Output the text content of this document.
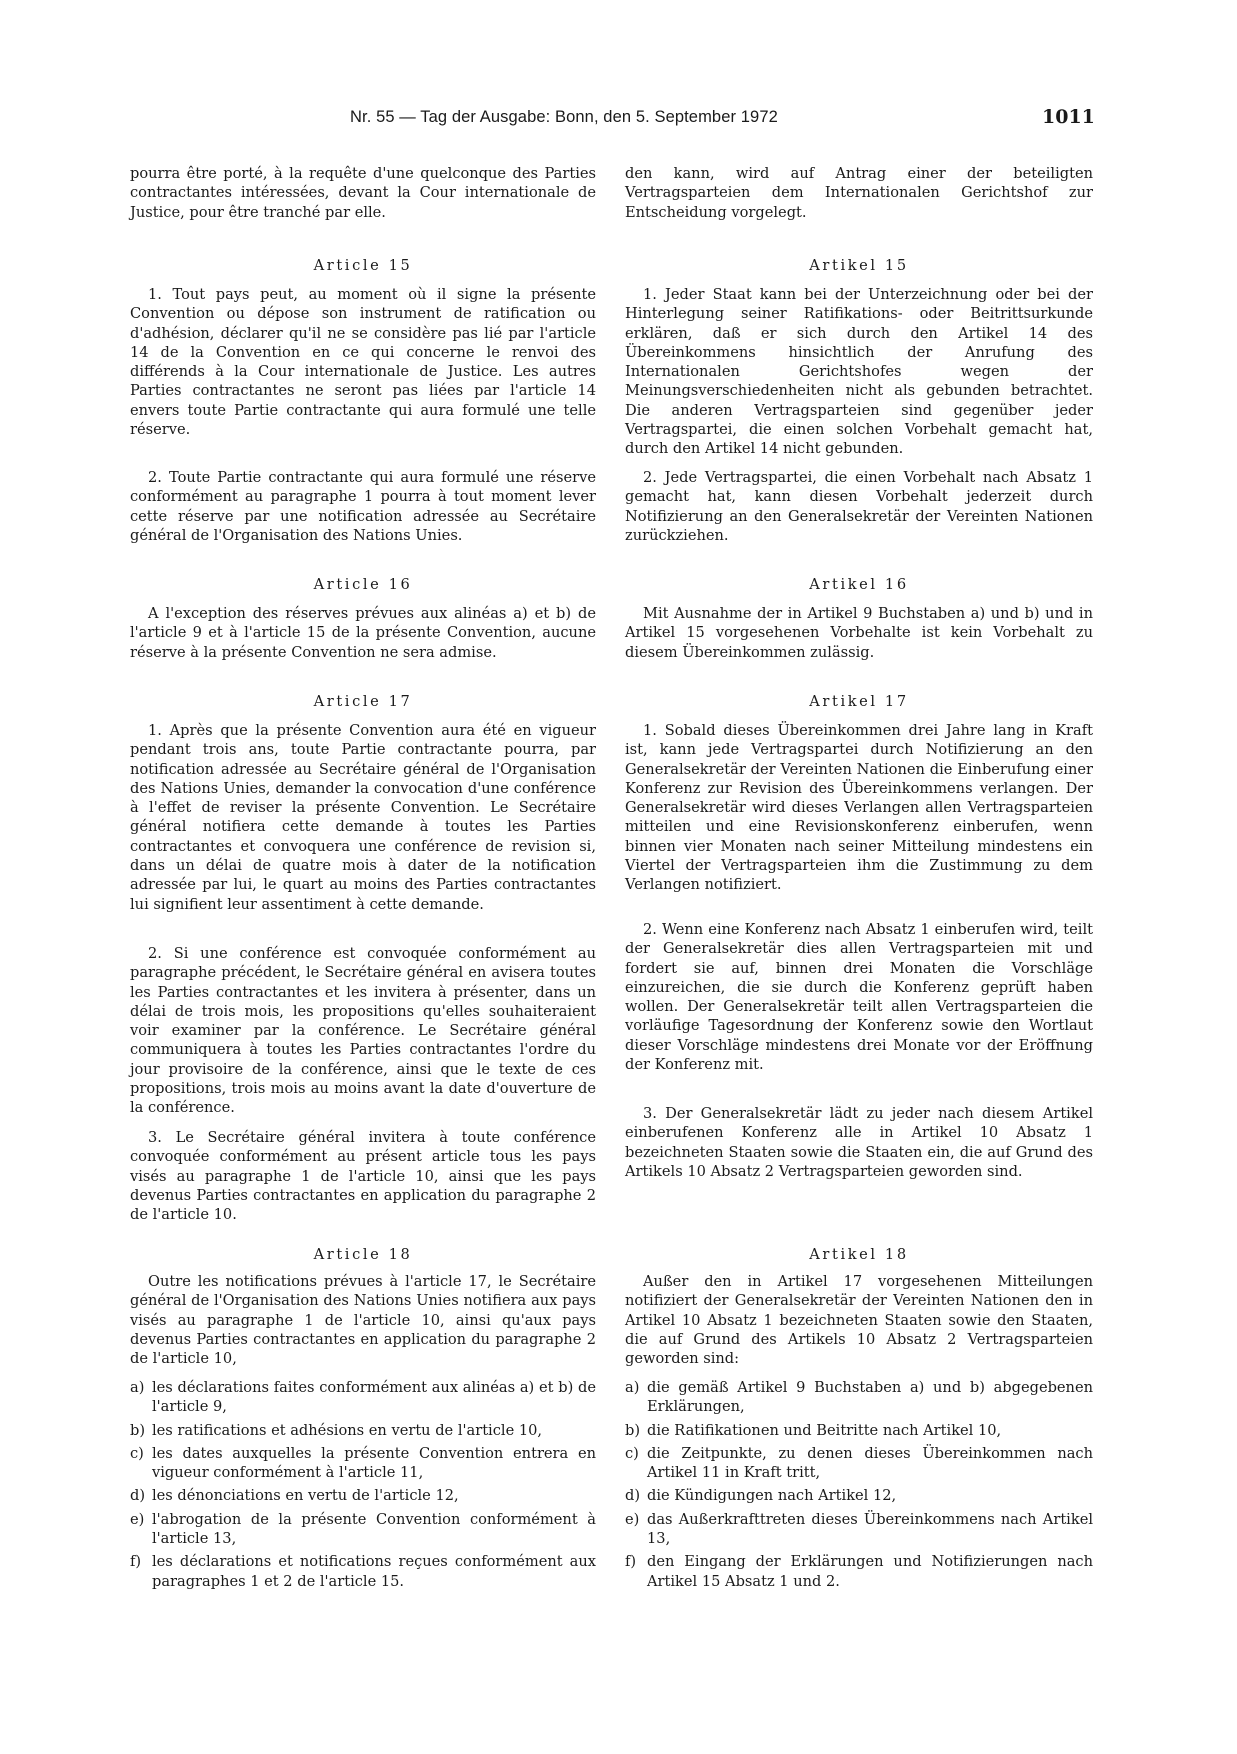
Nr. 55 — Tag der Ausgabe: Bonn, den 5. September 1972	1011

pourra être porté, à la requête d'une quelconque des Parties contractantes intéressées, devant la Cour internationale de Justice, pour être tranché par elle.

Article 15

1. Tout pays peut, au moment où il signe la présente Convention ou dépose son instrument de ratification ou d'adhésion, déclarer qu'il ne se considère pas lié par l'article 14 de la Convention en ce qui concerne le renvoi des différends à la Cour internationale de Justice. Les autres Parties contractantes ne seront pas liées par l'article 14 envers toute Partie contractante qui aura formulé une telle réserve.

2. Toute Partie contractante qui aura formulé une réserve conformément au paragraphe 1 pourra à tout moment lever cette réserve par une notification adressée au Secrétaire général de l'Organisation des Nations Unies.

Article 16

A l'exception des réserves prévues aux alinéas a) et b) de l'article 9 et à l'article 15 de la présente Convention, aucune réserve à la présente Convention ne sera admise.

Article 17

1. Après que la présente Convention aura été en vigueur pendant trois ans, toute Partie contractante pourra, par notification adressée au Secrétaire général de l'Organisation des Nations Unies, demander la convocation d'une conférence à l'effet de reviser la présente Convention. Le Secrétaire général notifiera cette demande à toutes les Parties contractantes et convoquera une conférence de revision si, dans un délai de quatre mois à dater de la notification adressée par lui, le quart au moins des Parties contractantes lui signifient leur assentiment à cette demande.

2. Si une conférence est convoquée conformément au paragraphe précédent, le Secrétaire général en avisera toutes les Parties contractantes et les invitera à présenter, dans un délai de trois mois, les propositions qu'elles souhaiteraient voir examiner par la conférence. Le Secrétaire général communiquera à toutes les Parties contractantes l'ordre du jour provisoire de la conférence, ainsi que le texte de ces propositions, trois mois au moins avant la date d'ouverture de la conférence.

3. Le Secrétaire général invitera à toute conférence convoquée conformément au présent article tous les pays visés au paragraphe 1 de l'article 10, ainsi que les pays devenus Parties contractantes en application du paragraphe 2 de l'article 10.

Article 18

Outre les notifications prévues à l'article 17, le Secrétaire général de l'Organisation des Nations Unies notifiera aux pays visés au paragraphe 1 de l'article 10, ainsi qu'aux pays devenus Parties contractantes en application du paragraphe 2 de l'article 10,

a) les déclarations faites conformément aux alinéas a) et b) de l'article 9,
b) les ratifications et adhésions en vertu de l'article 10,
c) les dates auxquelles la présente Convention entrera en vigueur conformément à l'article 11,
d) les dénonciations en vertu de l'article 12,
e) l'abrogation de la présente Convention conformément à l'article 13,
f) les déclarations et notifications reçues conformément aux paragraphes 1 et 2 de l'article 15.

den kann, wird auf Antrag einer der beteiligten Vertragsparteien dem Internationalen Gerichtshof zur Entscheidung vorgelegt.

Artikel 15

1. Jeder Staat kann bei der Unterzeichnung oder bei der Hinterlegung seiner Ratifikations- oder Beitrittsurkunde erklären, daß er sich durch den Artikel 14 des Übereinkommens hinsichtlich der Anrufung des Internationalen Gerichtshofes wegen der Meinungsverschiedenheiten nicht als gebunden betrachtet. Die anderen Vertragsparteien sind gegenüber jeder Vertragspartei, die einen solchen Vorbehalt gemacht hat, durch den Artikel 14 nicht gebunden.

2. Jede Vertragspartei, die einen Vorbehalt nach Absatz 1 gemacht hat, kann diesen Vorbehalt jederzeit durch Notifizierung an den Generalsekretär der Vereinten Nationen zurückziehen.

Artikel 16

Mit Ausnahme der in Artikel 9 Buchstaben a) und b) und in Artikel 15 vorgesehenen Vorbehalte ist kein Vorbehalt zu diesem Übereinkommen zulässig.

Artikel 17

1. Sobald dieses Übereinkommen drei Jahre lang in Kraft ist, kann jede Vertragspartei durch Notifizierung an den Generalsekretär der Vereinten Nationen die Einberufung einer Konferenz zur Revision des Übereinkommens verlangen. Der Generalsekretär wird dieses Verlangen allen Vertragsparteien mitteilen und eine Revisionskonferenz einberufen, wenn binnen vier Monaten nach seiner Mitteilung mindestens ein Viertel der Vertragsparteien ihm die Zustimmung zu dem Verlangen notifiziert.

2. Wenn eine Konferenz nach Absatz 1 einberufen wird, teilt der Generalsekretär dies allen Vertragsparteien mit und fordert sie auf, binnen drei Monaten die Vorschläge einzureichen, die sie durch die Konferenz geprüft haben wollen. Der Generalsekretär teilt allen Vertragsparteien die vorläufige Tagesordnung der Konferenz sowie den Wortlaut dieser Vorschläge mindestens drei Monate vor der Eröffnung der Konferenz mit.

3. Der Generalsekretär lädt zu jeder nach diesem Artikel einberufenen Konferenz alle in Artikel 10 Absatz 1 bezeichneten Staaten sowie die Staaten ein, die auf Grund des Artikels 10 Absatz 2 Vertragsparteien geworden sind.

Artikel 18

Außer den in Artikel 17 vorgesehenen Mitteilungen notifiziert der Generalsekretär der Vereinten Nationen den in Artikel 10 Absatz 1 bezeichneten Staaten sowie den Staaten, die auf Grund des Artikels 10 Absatz 2 Vertragsparteien geworden sind:

a) die gemäß Artikel 9 Buchstaben a) und b) abgegebenen Erklärungen,
b) die Ratifikationen und Beitritte nach Artikel 10,
c) die Zeitpunkte, zu denen dieses Übereinkommen nach Artikel 11 in Kraft tritt,
d) die Kündigungen nach Artikel 12,
e) das Außerkrafttreten dieses Übereinkommens nach Artikel 13,
f) den Eingang der Erklärungen und Notifizierungen nach Artikel 15 Absatz 1 und 2.
